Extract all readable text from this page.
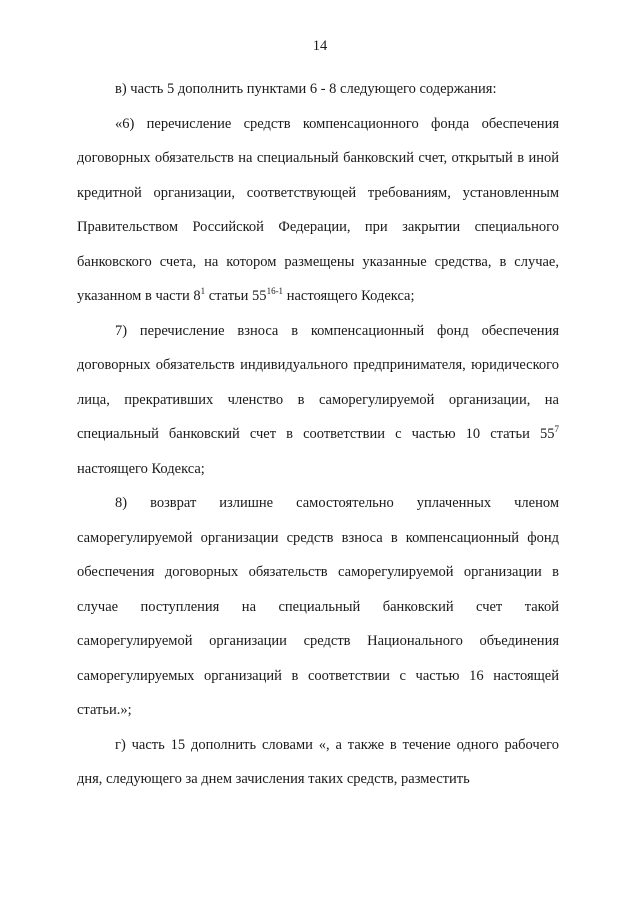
14

в) часть 5 дополнить пунктами 6 - 8 следующего содержания:

«6) перечисление средств компенсационного фонда обеспечения договорных обязательств на специальный банковский счет, открытый в иной кредитной организации, соответствующей требованиям, установленным Правительством Российской Федерации, при закрытии специального банковского счета, на котором размещены указанные средства, в случае, указанном в части $8^1$ статьи 55$^{16-1}$ настоящего Кодекса;

7) перечисление взноса в компенсационный фонд обеспечения договорных обязательств индивидуального предпринимателя, юридического лица, прекративших членство в саморегулируемой организации, на специальный банковский счет в соответствии с частью 10 статьи $55^7$ настоящего Кодекса;

8) возврат излишне самостоятельно уплаченных членом саморегулируемой организации средств взноса в компенсационный фонд обеспечения договорных обязательств саморегулируемой организации в случае поступления на специальный банковский счет такой саморегулируемой организации средств Национального объединения саморегулируемых организаций в соответствии с частью 16 настоящей статьи.»;

г) часть 15 дополнить словами «, а также в течение одного рабочего дня, следующего за днем зачисления таких средств, разместить
